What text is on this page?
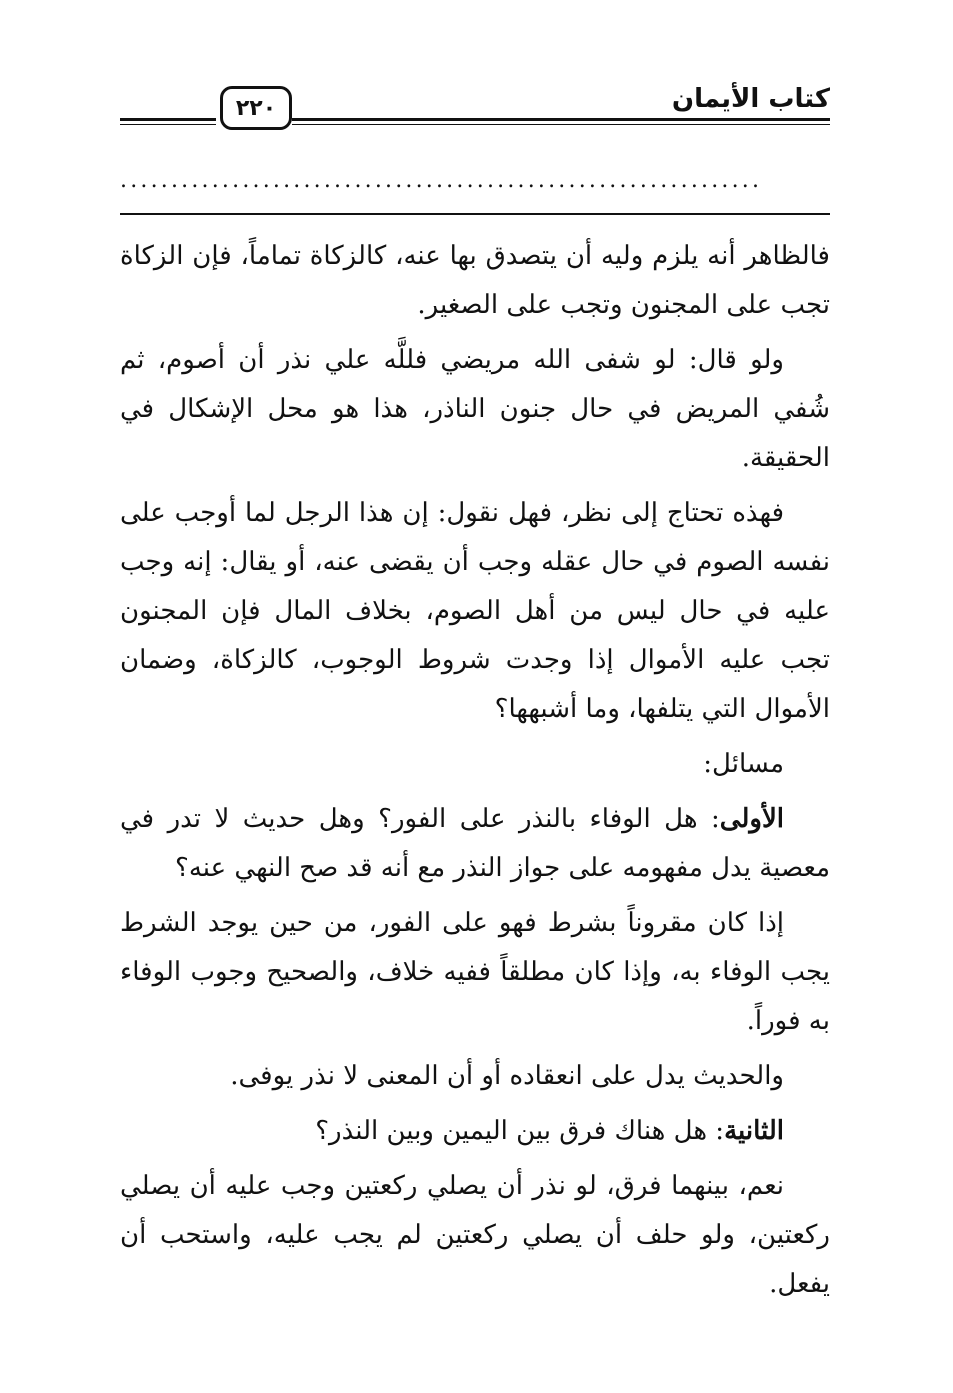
٢٢٠	كتاب الأيمان
...............................................................

فالظاهر أنه يلزم وليه أن يتصدق بها عنه، كالزكاة تماماً، فإن الزكاة تجب على المجنون وتجب على الصغير.

ولو قال: لو شفى الله مريضي فللَّه علي نذر أن أصوم، ثم شُفي المريض في حال جنون الناذر، هذا هو محل الإشكال في الحقيقة.

فهذه تحتاج إلى نظر، فهل نقول: إن هذا الرجل لما أوجب على نفسه الصوم في حال عقله وجب أن يقضى عنه، أو يقال: إنه وجب عليه في حال ليس من أهل الصوم، بخلاف المال فإن المجنون تجب عليه الأموال إذا وجدت شروط الوجوب، كالزكاة، وضمان الأموال التي يتلفها، وما أشبهها؟

مسائل:

الأولى: هل الوفاء بالنذر على الفور؟ وهل حديث لا تدر في معصية يدل مفهومه على جواز النذر مع أنه قد صح النهي عنه؟

إذا كان مقروناً بشرط فهو على الفور، من حين يوجد الشرط يجب الوفاء به، وإذا كان مطلقاً ففيه خلاف، والصحيح وجوب الوفاء به فوراً.

والحديث يدل على انعقاده أو أن المعنى لا نذر يوفى.

الثانية: هل هناك فرق بين اليمين وبين النذر؟

نعم، بينهما فرق، لو نذر أن يصلي ركعتين وجب عليه أن يصلي ركعتين، ولو حلف أن يصلي ركعتين لم يجب عليه، واستحب أن يفعل.
